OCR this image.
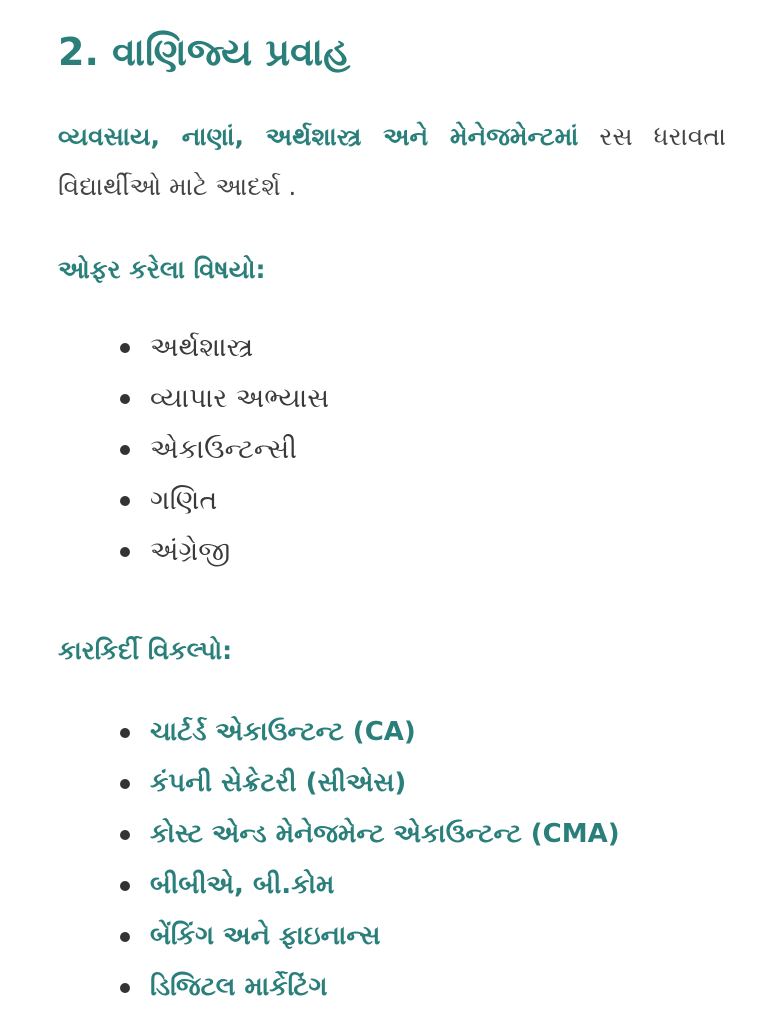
2. વાણિજ્ય પ્રવાહ

વ્યવસાય, નાણાં, અર્થશાસ્ત્ર અને મેનેજમેન્ટમાં રસ ધરાવતા વિદ્યાર્થીઓ માટે આદર્શ .

ઓફર કરેલા વિષયો:
અર્થશાસ્ત્ર
વ્યાપાર અભ્યાસ
એકાઉન્ટન્સી
ગણિત
અંગ્રેજી
કારકિર્દી વિકલ્પો:
ચાર્ટર્ડ એકાઉન્ટન્ટ (CA)
કંપની સેક્રેટરી (સીએસ)
કોસ્ટ એન્ડ મેનેજમેન્ટ એકાઉન્ટન્ટ (CMA)
બીબીએ, બી.કોમ
બેંકિંગ અને ફાઇનાન્સ
ડિજિટલ માર્કેટિંગ
